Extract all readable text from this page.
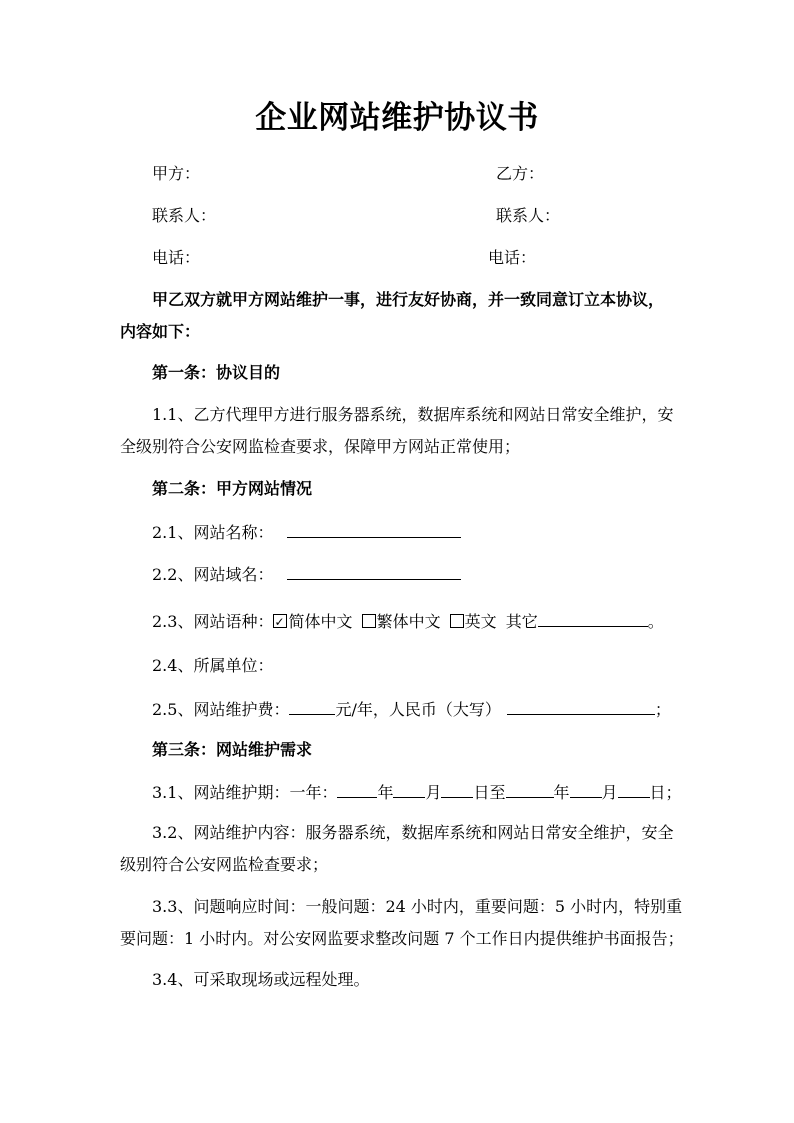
企业网站维护协议书
甲方：	乙方：
联系人：	联系人：
电话：	电话：
甲乙双方就甲方网站维护一事，进行友好协商，并一致同意订立本协议，
内容如下：
第一条：协议目的
1.1、乙方代理甲方进行服务器系统，数据库系统和网站日常安全维护，安
全级别符合公安网监检查要求，保障甲方网站正常使用；
第二条：甲方网站情况
2.1、网站名称：
2.2、网站域名：
2.3、网站语种：✓ 简体中文 繁体中文 英文 其它	。
2.4、所属单位：
2.5、网站维护费：	元/年，人民币（大写）	；
第三条：网站维护需求
3.1、网站维护期：一年：	年 月 日至	年 月 日；
3.2、网站维护内容：服务器系统，数据库系统和网站日常安全维护，安全
级别符合公安网监检查要求；
3.3、问题响应时间：一般问题：24 小时内，重要问题：5 小时内，特别重
要问题：1 小时内。对公安网监要求整改问题 7 个工作日内提供维护书面报告；
3.4、可采取现场或远程处理。
